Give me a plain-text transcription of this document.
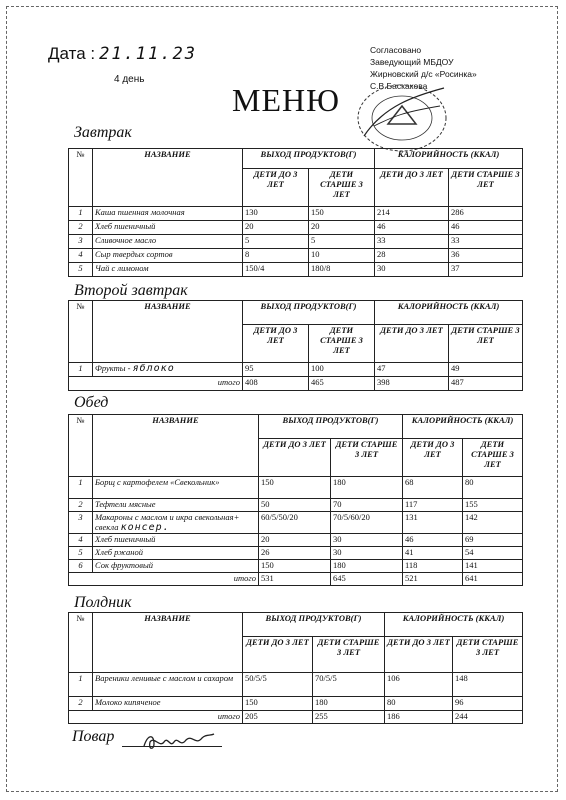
Дата : 21.11.23
4 день
Согласовано
Заведующий МБДОУ
Жирновский д/с «Росинка»
С.В.Баскакова
МЕНЮ
Завтрак
№	НАЗВАНИЕ	ВЫХОД ПРОДУКТОВ(Г)		КАЛОРИЙНОСТЬ (ККАЛ)	
		ДЕТИ ДО 3 ЛЕТ	ДЕТИ СТАРШЕ 3 ЛЕТ	ДЕТИ ДО 3 ЛЕТ	ДЕТИ СТАРШЕ 3 ЛЕТ
1	Каша пшенная молочная	130	150	214	286
2	Хлеб пшеничный	20	20	46	46
3	Сливочное масло	5	5	33	33
4	Сыр твердых сортов	8	10	28	36
5	Чай с лимоном	150/4	180/8	30	37
Второй завтрак
№	НАЗВАНИЕ	ВЫХОД ПРОДУКТОВ(Г)		КАЛОРИЙНОСТЬ (ККАЛ)	
		ДЕТИ ДО 3 ЛЕТ	ДЕТИ СТАРШЕ 3 ЛЕТ	ДЕТИ ДО 3 ЛЕТ	ДЕТИ СТАРШЕ 3 ЛЕТ
1	Фрукты - яблоко	95	100	47	49
	итого	408	465	398	487
Обед
№	НАЗВАНИЕ	ВЫХОД ПРОДУКТОВ(Г)		КАЛОРИЙНОСТЬ (ККАЛ)	
		ДЕТИ ДО 3 ЛЕТ	ДЕТИ СТАРШЕ 3 ЛЕТ	ДЕТИ ДО 3 ЛЕТ	ДЕТИ СТАРШЕ 3 ЛЕТ
1	Борщ с картофелем «Свекольник»	150	180	68	80
2	Тефтели мясные	50	70	117	155
3	Макароны с маслом и икра свекольная+ свекла консер.	60/5/50/20	70/5/60/20	131	142
4	Хлеб пшеничный	20	30	46	69
5	Хлеб ржаной	26	30	41	54
6	Сок фруктовый	150	180	118	141
	итого	531	645	521	641
Полдник
№	НАЗВАНИЕ	ВЫХОД ПРОДУКТОВ(Г)		КАЛОРИЙНОСТЬ (ККАЛ)	
		ДЕТИ ДО 3 ЛЕТ	ДЕТИ СТАРШЕ 3 ЛЕТ	ДЕТИ ДО 3 ЛЕТ	ДЕТИ СТАРШЕ 3 ЛЕТ
1	Вареники ленивые с маслом и сахаром	50/5/5	70/5/5	106	148
2	Молоко кипяченое	150	180	80	96
	итого	205	255	186	244
Повар
